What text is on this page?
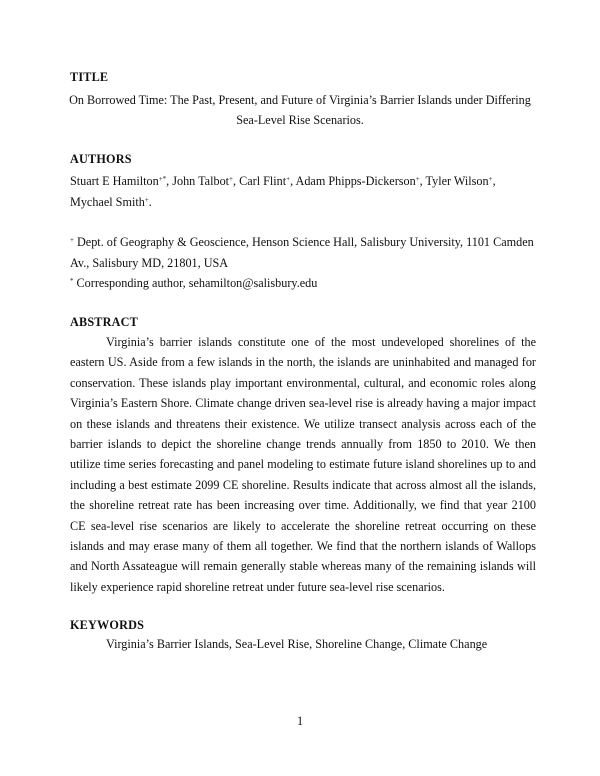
TITLE
On Borrowed Time: The Past, Present, and Future of Virginia’s Barrier Islands under Differing
Sea-Level Rise Scenarios.
AUTHORS
Stuart E Hamilton+*, John Talbot+, Carl Flint+, Adam Phipps-Dickerson+, Tyler Wilson+,
Mychael Smith+.
+ Dept. of Geography & Geoscience, Henson Science Hall, Salisbury University, 1101 Camden
Av., Salisbury MD, 21801, USA
* Corresponding author, sehamilton@salisbury.edu
ABSTRACT
Virginia’s barrier islands constitute one of the most undeveloped shorelines of the eastern US. Aside from a few islands in the north, the islands are uninhabited and managed for conservation. These islands play important environmental, cultural, and economic roles along Virginia’s Eastern Shore. Climate change driven sea-level rise is already having a major impact on these islands and threatens their existence. We utilize transect analysis across each of the barrier islands to depict the shoreline change trends annually from 1850 to 2010. We then utilize time series forecasting and panel modeling to estimate future island shorelines up to and including a best estimate 2099 CE shoreline. Results indicate that across almost all the islands, the shoreline retreat rate has been increasing over time. Additionally, we find that year 2100 CE sea-level rise scenarios are likely to accelerate the shoreline retreat occurring on these islands and may erase many of them all together. We find that the northern islands of Wallops and North Assateague will remain generally stable whereas many of the remaining islands will likely experience rapid shoreline retreat under future sea-level rise scenarios.
KEYWORDS
Virginia’s Barrier Islands, Sea-Level Rise, Shoreline Change, Climate Change
1
